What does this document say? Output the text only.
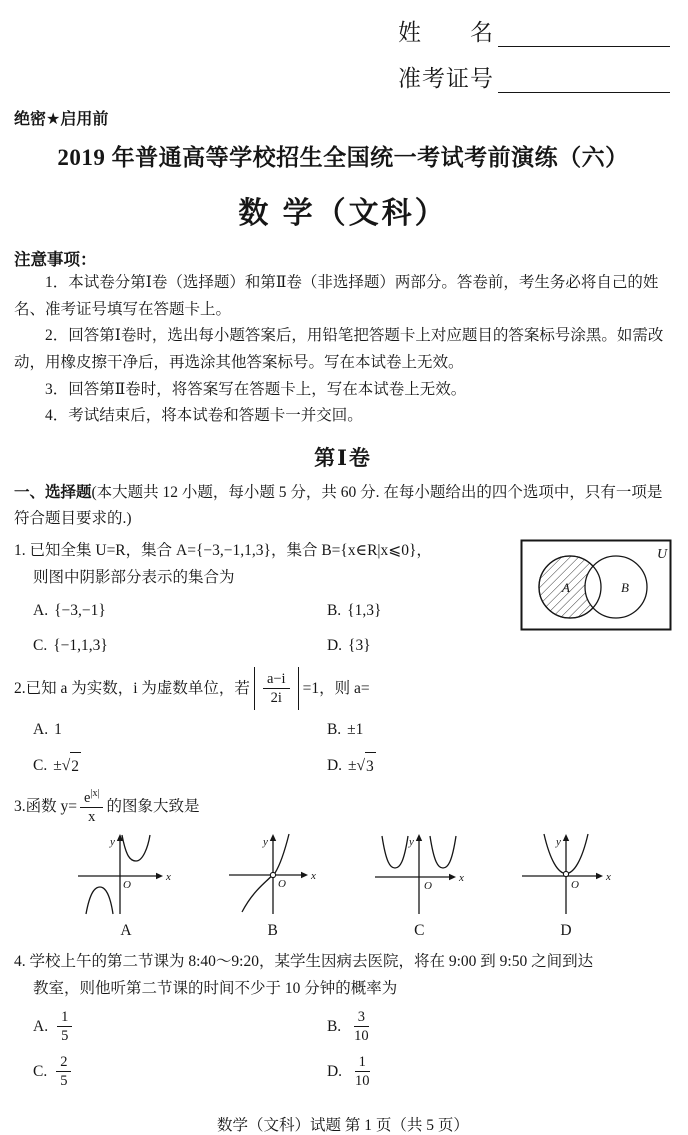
姓　　名
准考证号
绝密★启用前
2019 年普通高等学校招生全国统一考试考前演练（六）
数 学（文科）
注意事项：

1．本试卷分第Ⅰ卷（选择题）和第Ⅱ卷（非选择题）两部分。答卷前，考生务必将自己的姓名、准考证号填写在答题卡上。

2．回答第Ⅰ卷时，选出每小题答案后，用铅笔把答题卡上对应题目的答案标号涂黑。如需改动，用橡皮擦干净后，再选涂其他答案标号。写在本试卷上无效。

3．回答第Ⅱ卷时，将答案写在答题卡上，写在本试卷上无效。

4．考试结束后，将本试卷和答题卡一并交回。

第Ⅰ卷
一、选择题(本大题共 12 小题，每小题 5 分，共 60 分. 在每小题给出的四个选项中，只有一项是符合题目要求的.)
1. 已知全集 U=R，集合 A={−3,−1,1,3}，集合 B={x∈R|x⩽0}，
则图中阴影部分表示的集合为
A. {−3,−1}	B. {1,3}
C. {−1,1,3}	D. {3}
U
A	B
2. 已知 a 为实数，i 为虚数单位，若 $\frac{a-i}{2i} =1$，则 a=
A. 1	B. ±1
C. ±√ 2	D. ±√ 3
3. 函数 $y= \frac{e^{|x|}}{x}$ 的图象大致是
y
x
O
A
y
x
O
B
y
x
O
C
y
x
O
D
4. 学校上午的第二节课为 8:40～9:20，某学生因病去医院，将在 9:00 到 9:50 之间到达
教室，则他听第二节课的时间不少于 10 分钟的概率为
A. $\frac{1}{5}$	B. $\frac{3}{10}$
C. $\frac{2}{5}$	D. $\frac{1}{10}$
数学（文科）试题 第 1 页（共 5 页）
